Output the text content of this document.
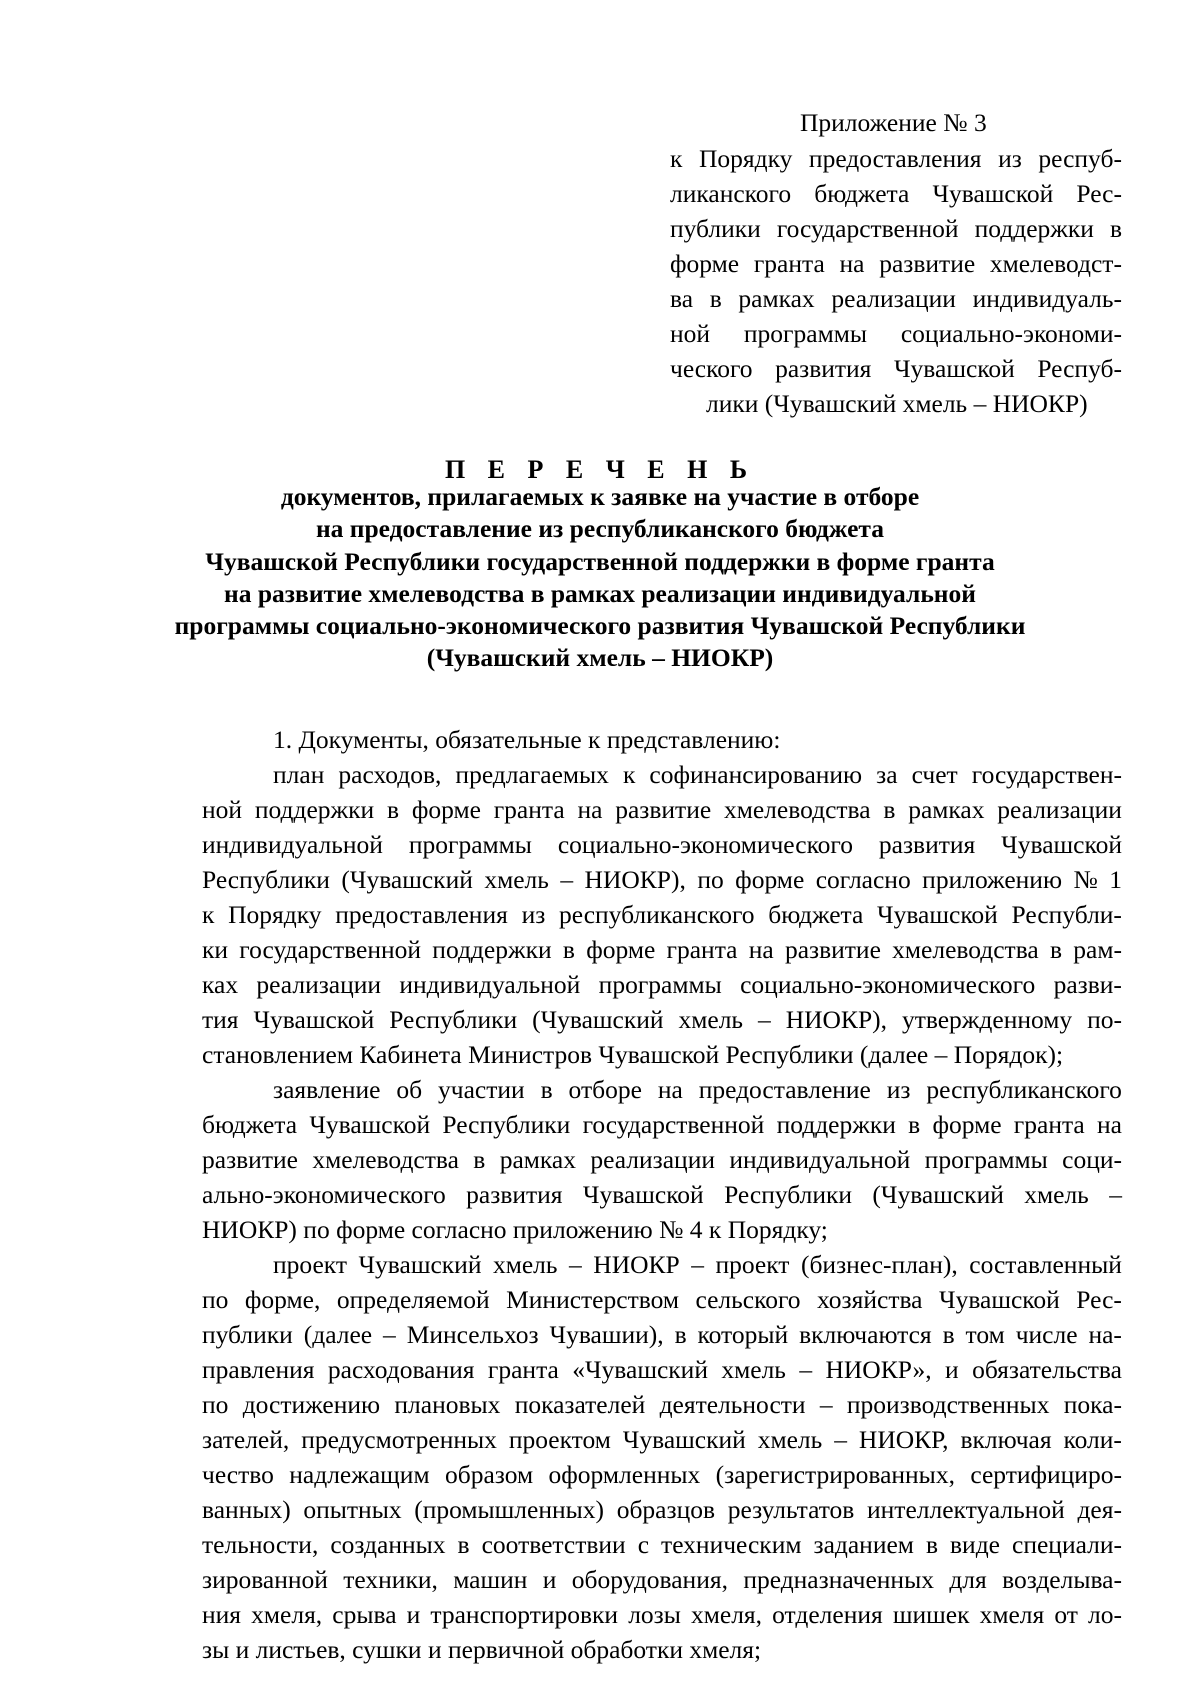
Приложение № 3

к Порядку предоставления из респуб-

ликанского бюджета Чувашской Рес-

публики государственной поддержки в

форме гранта на развитие хмелеводст-

ва в рамках реализации индивидуаль-

ной программы социально-экономи-

ческого развития Чувашской Респуб-

лики (Чувашский хмель – НИОКР)

П Е Р Е Ч Е Н Ь

документов, прилагаемых к заявке на участие в отборе

на предоставление из республиканского бюджета

Чувашской Республики государственной поддержки в форме гранта

на развитие хмелеводства в рамках реализации индивидуальной

программы социально-экономического развития Чувашской Республики

(Чувашский хмель – НИОКР)

1. Документы, обязательные к представлению:

план расходов, предлагаемых к софинансированию за счет государствен-

ной поддержки в форме гранта на развитие хмелеводства в рамках реализации

индивидуальной программы социально-экономического развития Чувашской

Республики (Чувашский хмель – НИОКР), по форме согласно приложению № 1

к Порядку предоставления из республиканского бюджета Чувашской Республи-

ки государственной поддержки в форме гранта на развитие хмелеводства в рам-

ках реализации индивидуальной программы социально-экономического разви-

тия Чувашской Республики (Чувашский хмель – НИОКР), утвержденному по-

становлением Кабинета Министров Чувашской Республики (далее – Порядок);

заявление об участии в отборе на предоставление из республиканского

бюджета Чувашской Республики государственной поддержки в форме гранта на

развитие хмелеводства в рамках реализации индивидуальной программы соци-

ально-экономического развития Чувашской Республики (Чувашский хмель –

НИОКР) по форме согласно приложению № 4 к Порядку;

проект Чувашский хмель – НИОКР – проект (бизнес-план), составленный

по форме, определяемой Министерством сельского хозяйства Чувашской Рес-

публики (далее – Минсельхоз Чувашии), в который включаются в том числе на-

правления расходования гранта «Чувашский хмель – НИОКР», и обязательства

по достижению плановых показателей деятельности – производственных пока-

зателей, предусмотренных проектом Чувашский хмель – НИОКР, включая коли-

чество надлежащим образом оформленных (зарегистрированных, сертифициро-

ванных) опытных (промышленных) образцов результатов интеллектуальной дея-

тельности, созданных в соответствии с техническим заданием в виде специали-

зированной техники, машин и оборудования, предназначенных для возделыва-

ния хмеля, срыва и транспортировки лозы хмеля, отделения шишек хмеля от ло-

зы и листьев, сушки и первичной обработки хмеля;
